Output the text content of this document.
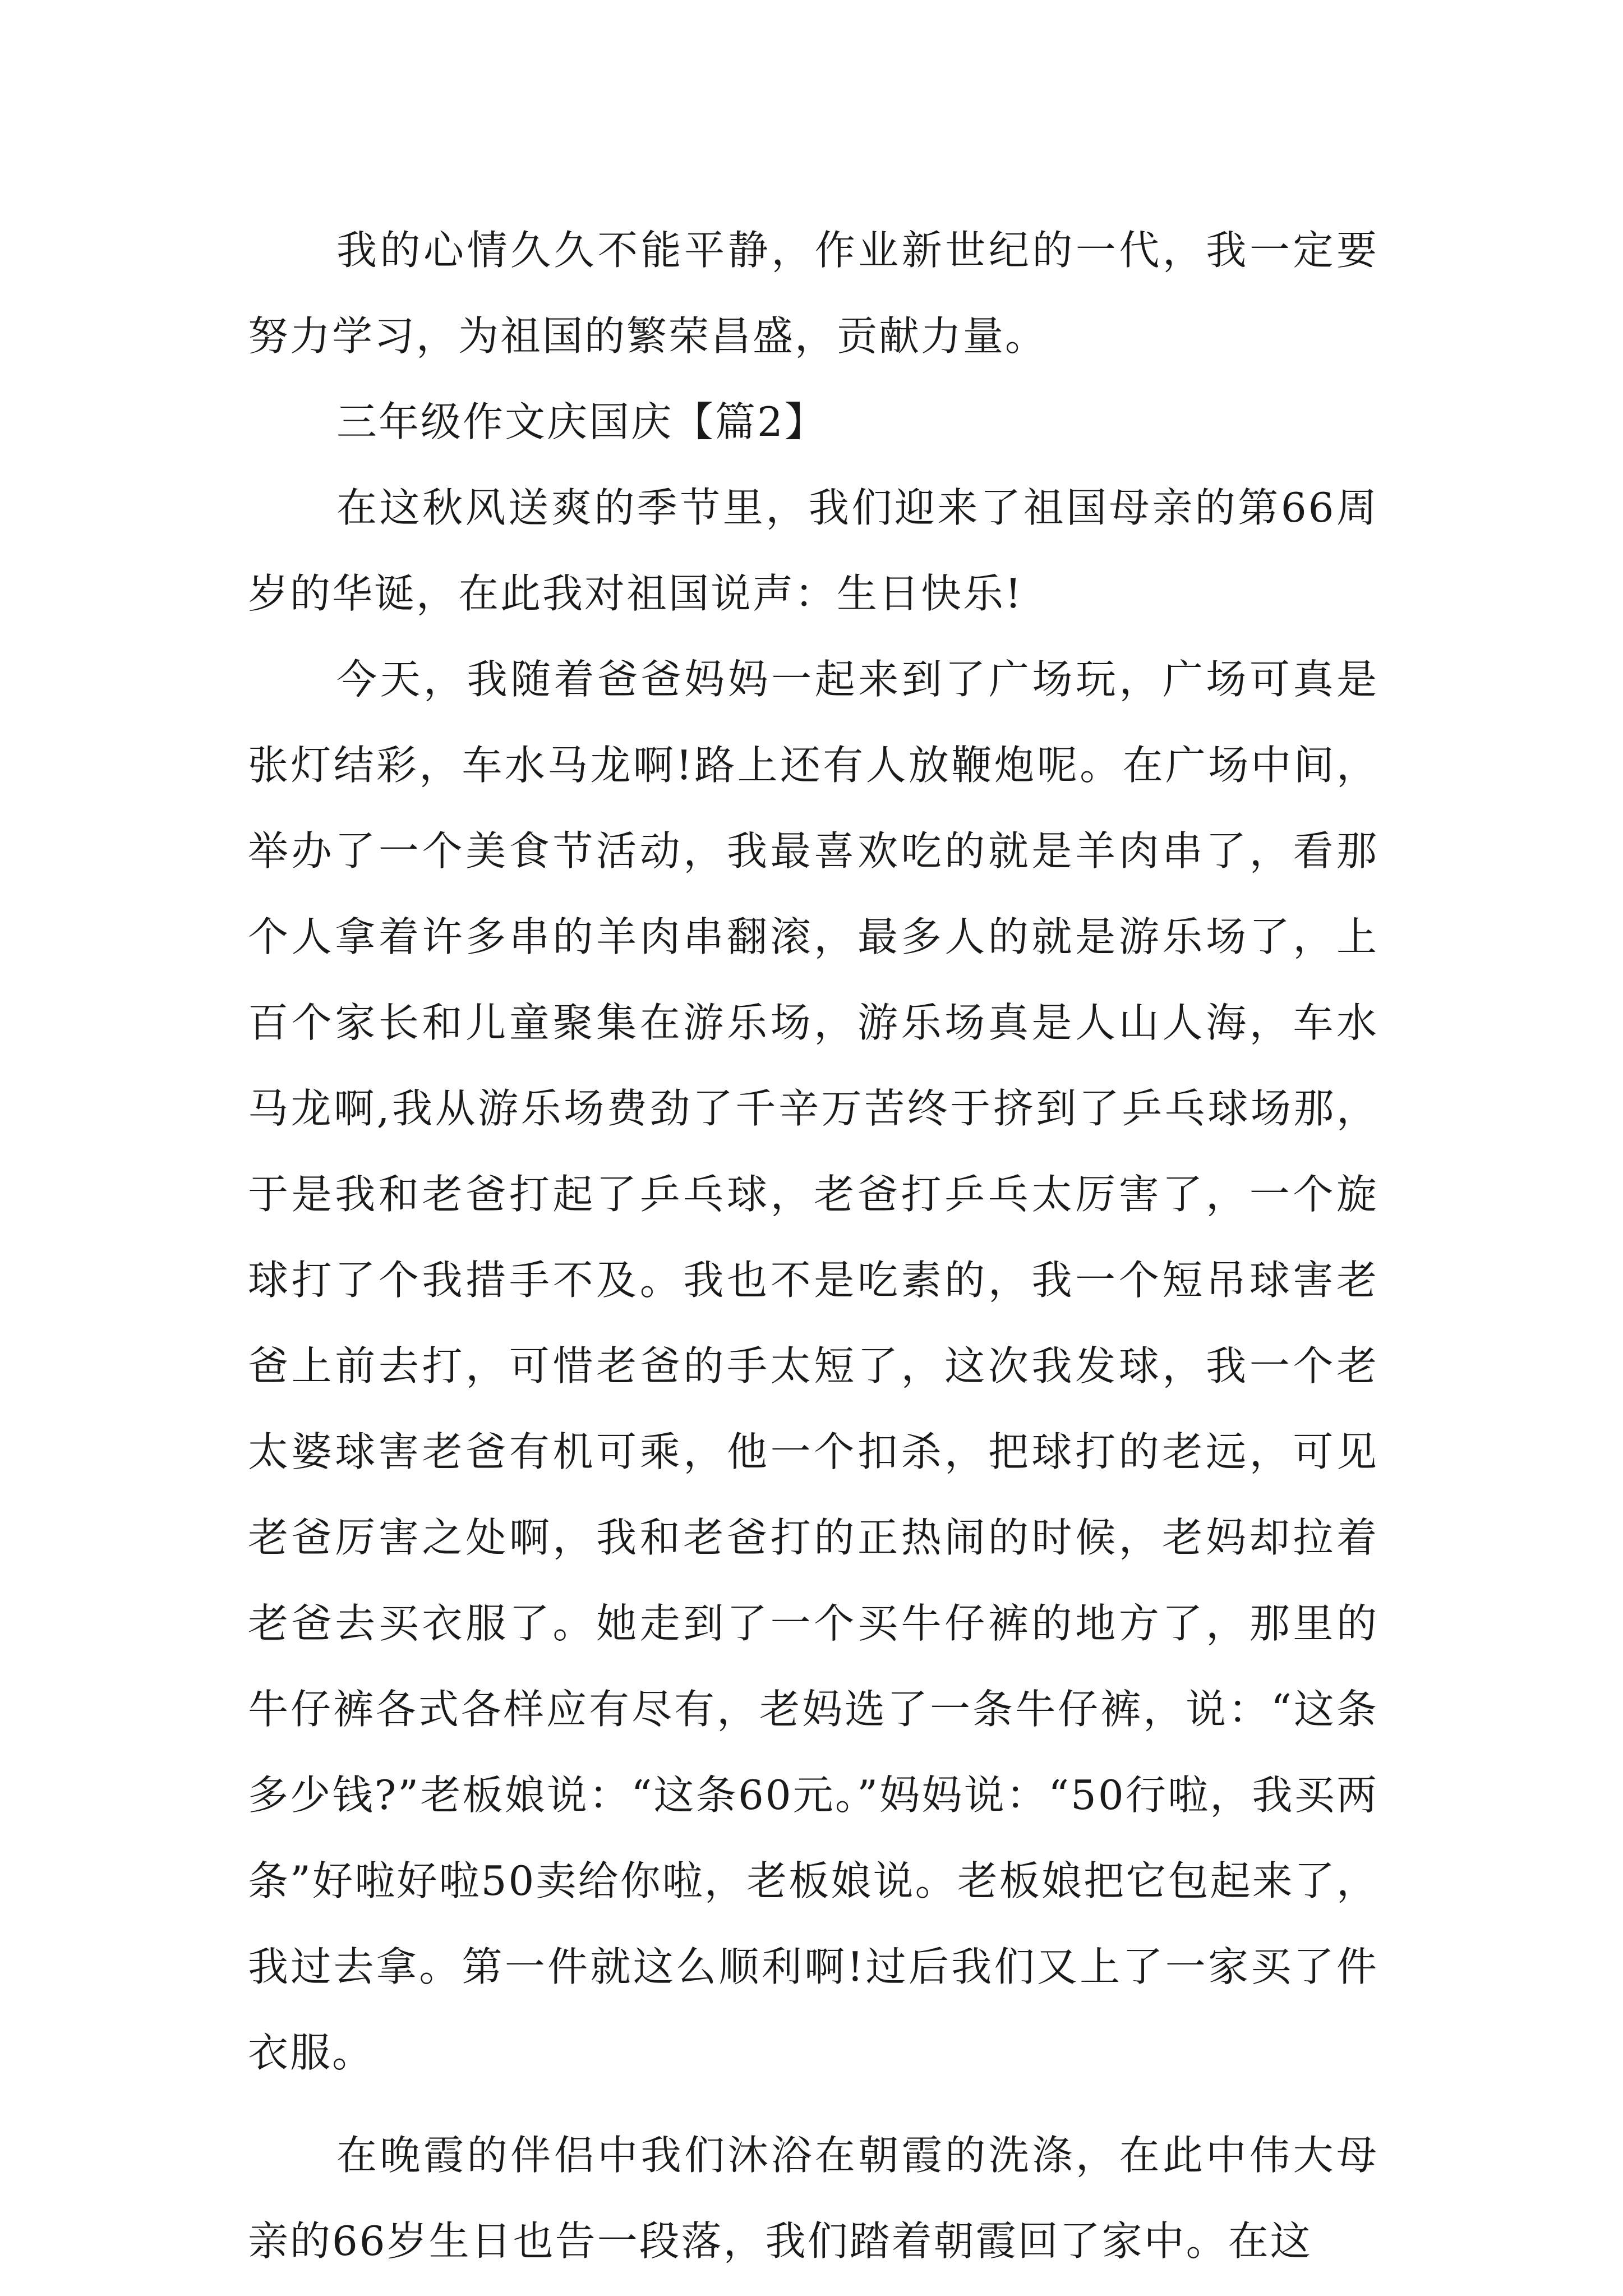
我的心情久久不能平静，作业新世纪的一代，我一定要努力学习，为祖国的繁荣昌盛，贡献力量。

三年级作文庆国庆【篇2】

在这秋风送爽的季节里，我们迎来了祖国母亲的第66周岁的华诞，在此我对祖国说声：生日快乐!

今天，我随着爸爸妈妈一起来到了广场玩，广场可真是张灯结彩，车水马龙啊!路上还有人放鞭炮呢。在广场中间，举办了一个美食节活动，我最喜欢吃的就是羊肉串了，看那个人拿着许多串的羊肉串翻滚，最多人的就是游乐场了，上百个家长和儿童聚集在游乐场，游乐场真是人山人海，车水马龙啊,我从游乐场费劲了千辛万苦终于挤到了乒乓球场那，于是我和老爸打起了乒乓球，老爸打乒乓太厉害了，一个旋球打了个我措手不及。我也不是吃素的，我一个短吊球害老爸上前去打，可惜老爸的手太短了，这次我发球，我一个老太婆球害老爸有机可乘，他一个扣杀，把球打的老远，可见老爸厉害之处啊，我和老爸打的正热闹的时候，老妈却拉着老爸去买衣服了。她走到了一个买牛仔裤的地方了，那里的牛仔裤各式各样应有尽有，老妈选了一条牛仔裤，说：“这条多少钱?”老板娘说：“这条60元。”妈妈说：“50行啦，我买两条”好啦好啦50卖给你啦，老板娘说。老板娘把它包起来了，我过去拿。第一件就这么顺利啊!过后我们又上了一家买了件衣服。

在晚霞的伴侣中我们沐浴在朝霞的洗涤，在此中伟大母亲的66岁生日也告一段落，我们踏着朝霞回了家中。在这
